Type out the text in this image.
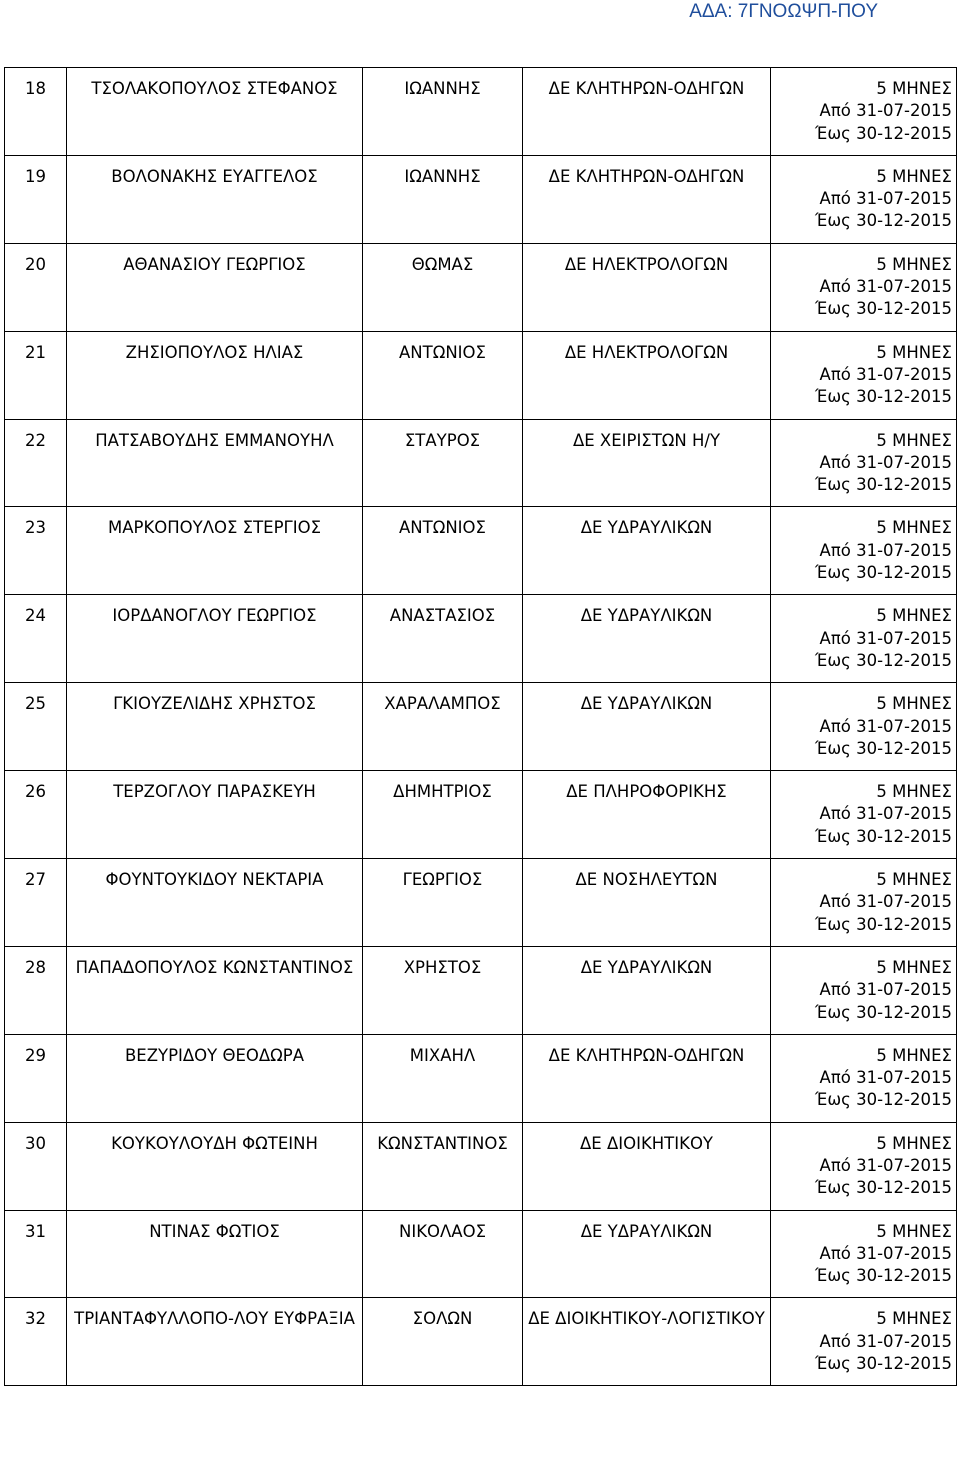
ΑΔΑ: 7ΓΝΟΩΨΠ-ΠΟΥ
18	ΤΣΟΛΑΚΟΠΟΥΛΟΣ ΣΤΕΦΑΝΟΣ	ΙΩΑΝΝΗΣ	ΔΕ ΚΛΗΤΗΡΩΝ-ΟΔΗΓΩΝ	5 ΜΗΝΕΣ
Από 31-07-2015
Έως 30-12-2015

19	ΒΟΛΟΝΑΚΗΣ ΕΥΑΓΓΕΛΟΣ	ΙΩΑΝΝΗΣ	ΔΕ ΚΛΗΤΗΡΩΝ-ΟΔΗΓΩΝ	5 ΜΗΝΕΣ
Από 31-07-2015
Έως 30-12-2015

20	ΑΘΑΝΑΣΙΟΥ ΓΕΩΡΓΙΟΣ	ΘΩΜΑΣ	ΔΕ ΗΛΕΚΤΡΟΛΟΓΩΝ	5 ΜΗΝΕΣ
Από 31-07-2015
Έως 30-12-2015

21	ΖΗΣΙΟΠΟΥΛΟΣ ΗΛΙΑΣ	ΑΝΤΩΝΙΟΣ	ΔΕ ΗΛΕΚΤΡΟΛΟΓΩΝ	5 ΜΗΝΕΣ
Από 31-07-2015
Έως 30-12-2015

22	ΠΑΤΣΑΒΟΥΔΗΣ ΕΜΜΑΝΟΥΗΛ	ΣΤΑΥΡΟΣ	ΔΕ ΧΕΙΡΙΣΤΩΝ Η/Υ	5 ΜΗΝΕΣ
Από 31-07-2015
Έως 30-12-2015

23	ΜΑΡΚΟΠΟΥΛΟΣ ΣΤΕΡΓΙΟΣ	ΑΝΤΩΝΙΟΣ	ΔΕ ΥΔΡΑΥΛΙΚΩΝ	5 ΜΗΝΕΣ
Από 31-07-2015
Έως 30-12-2015

24	ΙΟΡΔΑΝΟΓΛΟΥ ΓΕΩΡΓΙΟΣ	ΑΝΑΣΤΑΣΙΟΣ	ΔΕ ΥΔΡΑΥΛΙΚΩΝ	5 ΜΗΝΕΣ
Από 31-07-2015
Έως 30-12-2015

25	ΓΚΙΟΥΖΕΛΙΔΗΣ ΧΡΗΣΤΟΣ	ΧΑΡΑΛΑΜΠΟΣ	ΔΕ ΥΔΡΑΥΛΙΚΩΝ	5 ΜΗΝΕΣ
Από 31-07-2015
Έως 30-12-2015

26	ΤΕΡΖΟΓΛΟΥ ΠΑΡΑΣΚΕΥΗ	ΔΗΜΗΤΡΙΟΣ	ΔΕ ΠΛΗΡΟΦΟΡΙΚΗΣ	5 ΜΗΝΕΣ
Από 31-07-2015
Έως 30-12-2015

27	ΦΟΥΝΤΟΥΚΙΔΟΥ ΝΕΚΤΑΡΙΑ	ΓΕΩΡΓΙΟΣ	ΔΕ ΝΟΣΗΛΕΥΤΩΝ	5 ΜΗΝΕΣ
Από 31-07-2015
Έως 30-12-2015

28	ΠΑΠΑΔΟΠΟΥΛΟΣ ΚΩΝΣΤΑΝΤΙΝΟΣ	ΧΡΗΣΤΟΣ	ΔΕ ΥΔΡΑΥΛΙΚΩΝ	5 ΜΗΝΕΣ
Από 31-07-2015
Έως 30-12-2015

29	ΒΕΖΥΡΙΔΟΥ ΘΕΟΔΩΡΑ	ΜΙΧΑΗΛ	ΔΕ ΚΛΗΤΗΡΩΝ-ΟΔΗΓΩΝ	5 ΜΗΝΕΣ
Από 31-07-2015
Έως 30-12-2015

30	ΚΟΥΚΟΥΛΟΥΔΗ ΦΩΤΕΙΝΗ	ΚΩΝΣΤΑΝΤΙΝΟΣ	ΔΕ ΔΙΟΙΚΗΤΙΚΟΥ	5 ΜΗΝΕΣ
Από 31-07-2015
Έως 30-12-2015

31	ΝΤΙΝΑΣ ΦΩΤΙΟΣ	ΝΙΚΟΛΑΟΣ	ΔΕ ΥΔΡΑΥΛΙΚΩΝ	5 ΜΗΝΕΣ
Από 31-07-2015
Έως 30-12-2015

32	ΤΡΙΑΝΤΑΦΥΛΛΟΠΟ-ΛΟΥ ΕΥΦΡΑΞΙΑ	ΣΟΛΩΝ	ΔΕ ΔΙΟΙΚΗΤΙΚΟΥ-ΛΟΓΙΣΤΙΚΟΥ	5 ΜΗΝΕΣ
Από 31-07-2015
Έως 30-12-2015
